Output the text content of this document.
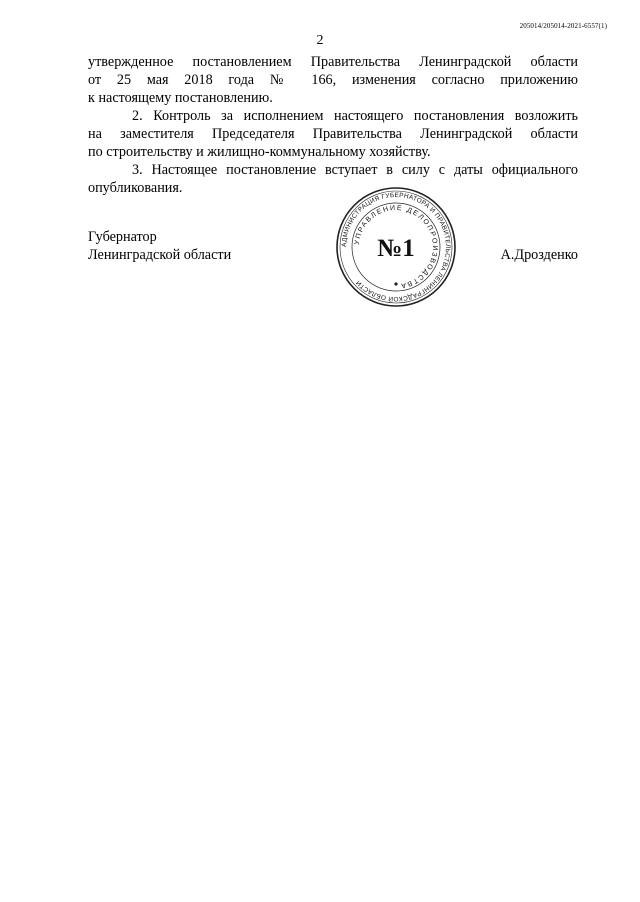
205014/205014-2021-6557(1)
2

утвержденное постановлением Правительства Ленинградской области
от 25 мая 2018 года № 166, изменения согласно приложению
к настоящему постановлению.

2. Контроль за исполнением настоящего постановления возложить
на заместителя Председателя Правительства Ленинградской области
по строительству и жилищно-коммунальному хозяйству.

3. Настоящее постановление вступает в силу с даты официального
опубликования.

Губернатор
Ленинградской области	А.Дрозденко
АДМИНИСТРАЦИЯ ГУБЕРНАТОРА И ПРАВИТЕЛЬСТВА ЛЕНИНГРАДСКОЙ ОБЛАСТИ
УПРАВЛЕНИЕ ДЕЛОПРОИЗВОДСТВА
№1
